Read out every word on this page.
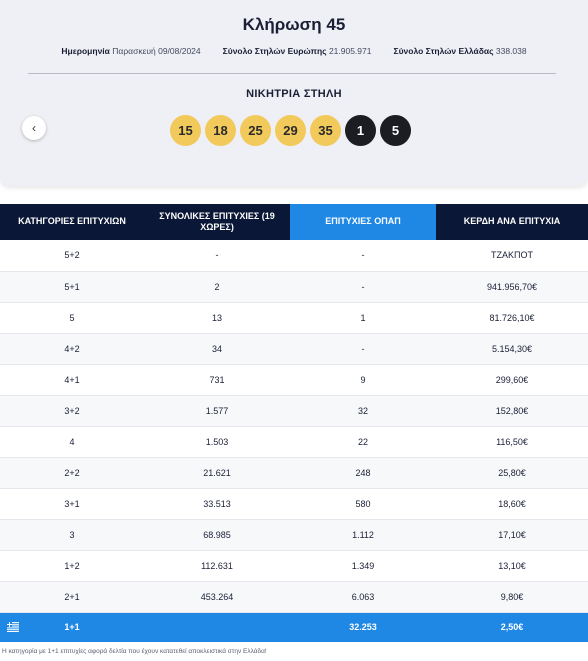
Κλήρωση 45
Ημερομηνία Παρασκευή 09/08/2024	Σύνολο Στηλών Ευρώπης 21.905.971	Σύνολο Στηλών Ελλάδας 338.038
ΝΙΚΗΤΡΙΑ ΣΤΗΛΗ
‹	15	18	25	29	35	1	5
ΚΑΤΗΓΟΡΙΕΣ ΕΠΙΤΥΧΙΩΝ	ΣΥΝΟΛΙΚΕΣ ΕΠΙΤΥΧΙΕΣ (19 ΧΩΡΕΣ)	ΕΠΙΤΥΧΙΕΣ ΟΠΑΠ	ΚΕΡΔΗ ΑΝΑ ΕΠΙΤΥΧΙΑ
5+2	-	-	ΤΖΑΚΠΟΤ
5+1	2	-	941.956,70€
5	13	1	81.726,10€
4+2	34	-	5.154,30€
4+1	731	9	299,60€
3+2	1.577	32	152,80€
4	1.503	22	116,50€
2+2	21.621	248	25,80€
3+1	33.513	580	18,60€
3	68.985	1.112	17,10€
1+2	112.631	1.349	13,10€
2+1	453.264	6.063	9,80€

1+1		32.253	2,50€
Η κατηγορία με 1+1 επιτυχίες αφορά δελτία που έχουν κατατεθεί αποκλειστικά στην Ελλάδα!
